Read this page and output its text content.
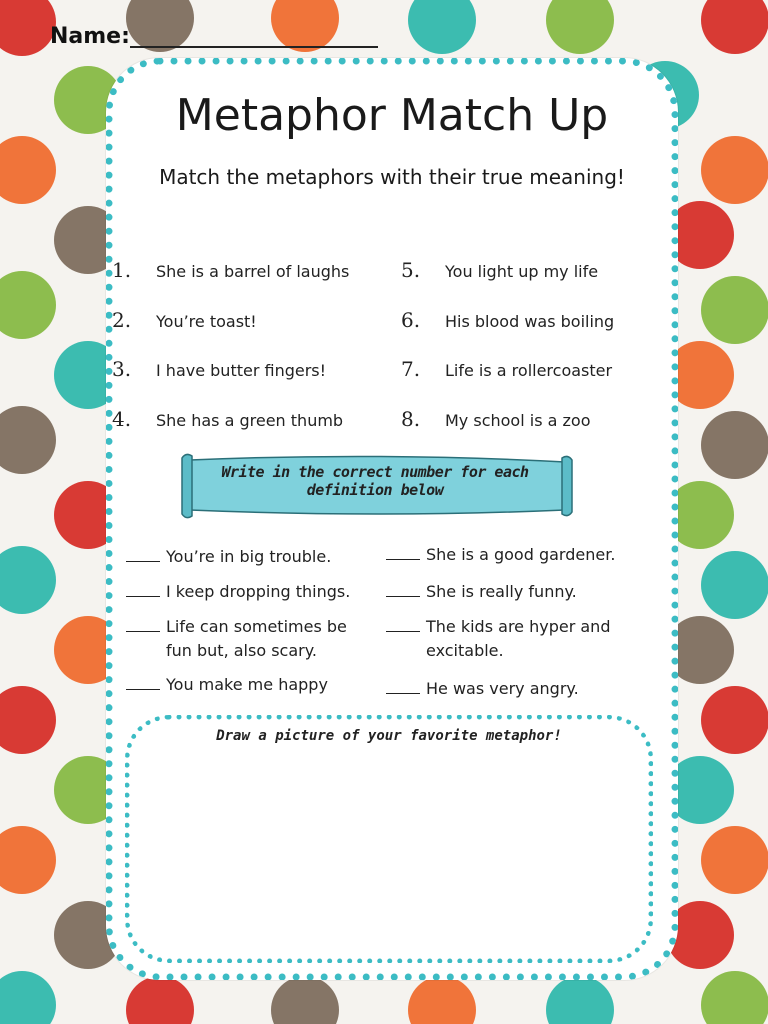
Name:
Metaphor Match Up
Match the metaphors with their true meaning!
1.	She is a barrel of laughs
2.	You’re toast!
3.	I have butter fingers!
4.	She has a green thumb
5.	You light up my life
6.	His blood was boiling
7.	Life is a rollercoaster
8.	My school is a zoo
Write in the correct number for each definition below
You’re in big trouble.
I keep dropping things.
Life can sometimes be fun but, also scary.
You make me happy
She is a good gardener.
She is really funny.
The kids are hyper and excitable.
He was very angry.
Draw a picture of your favorite metaphor!
